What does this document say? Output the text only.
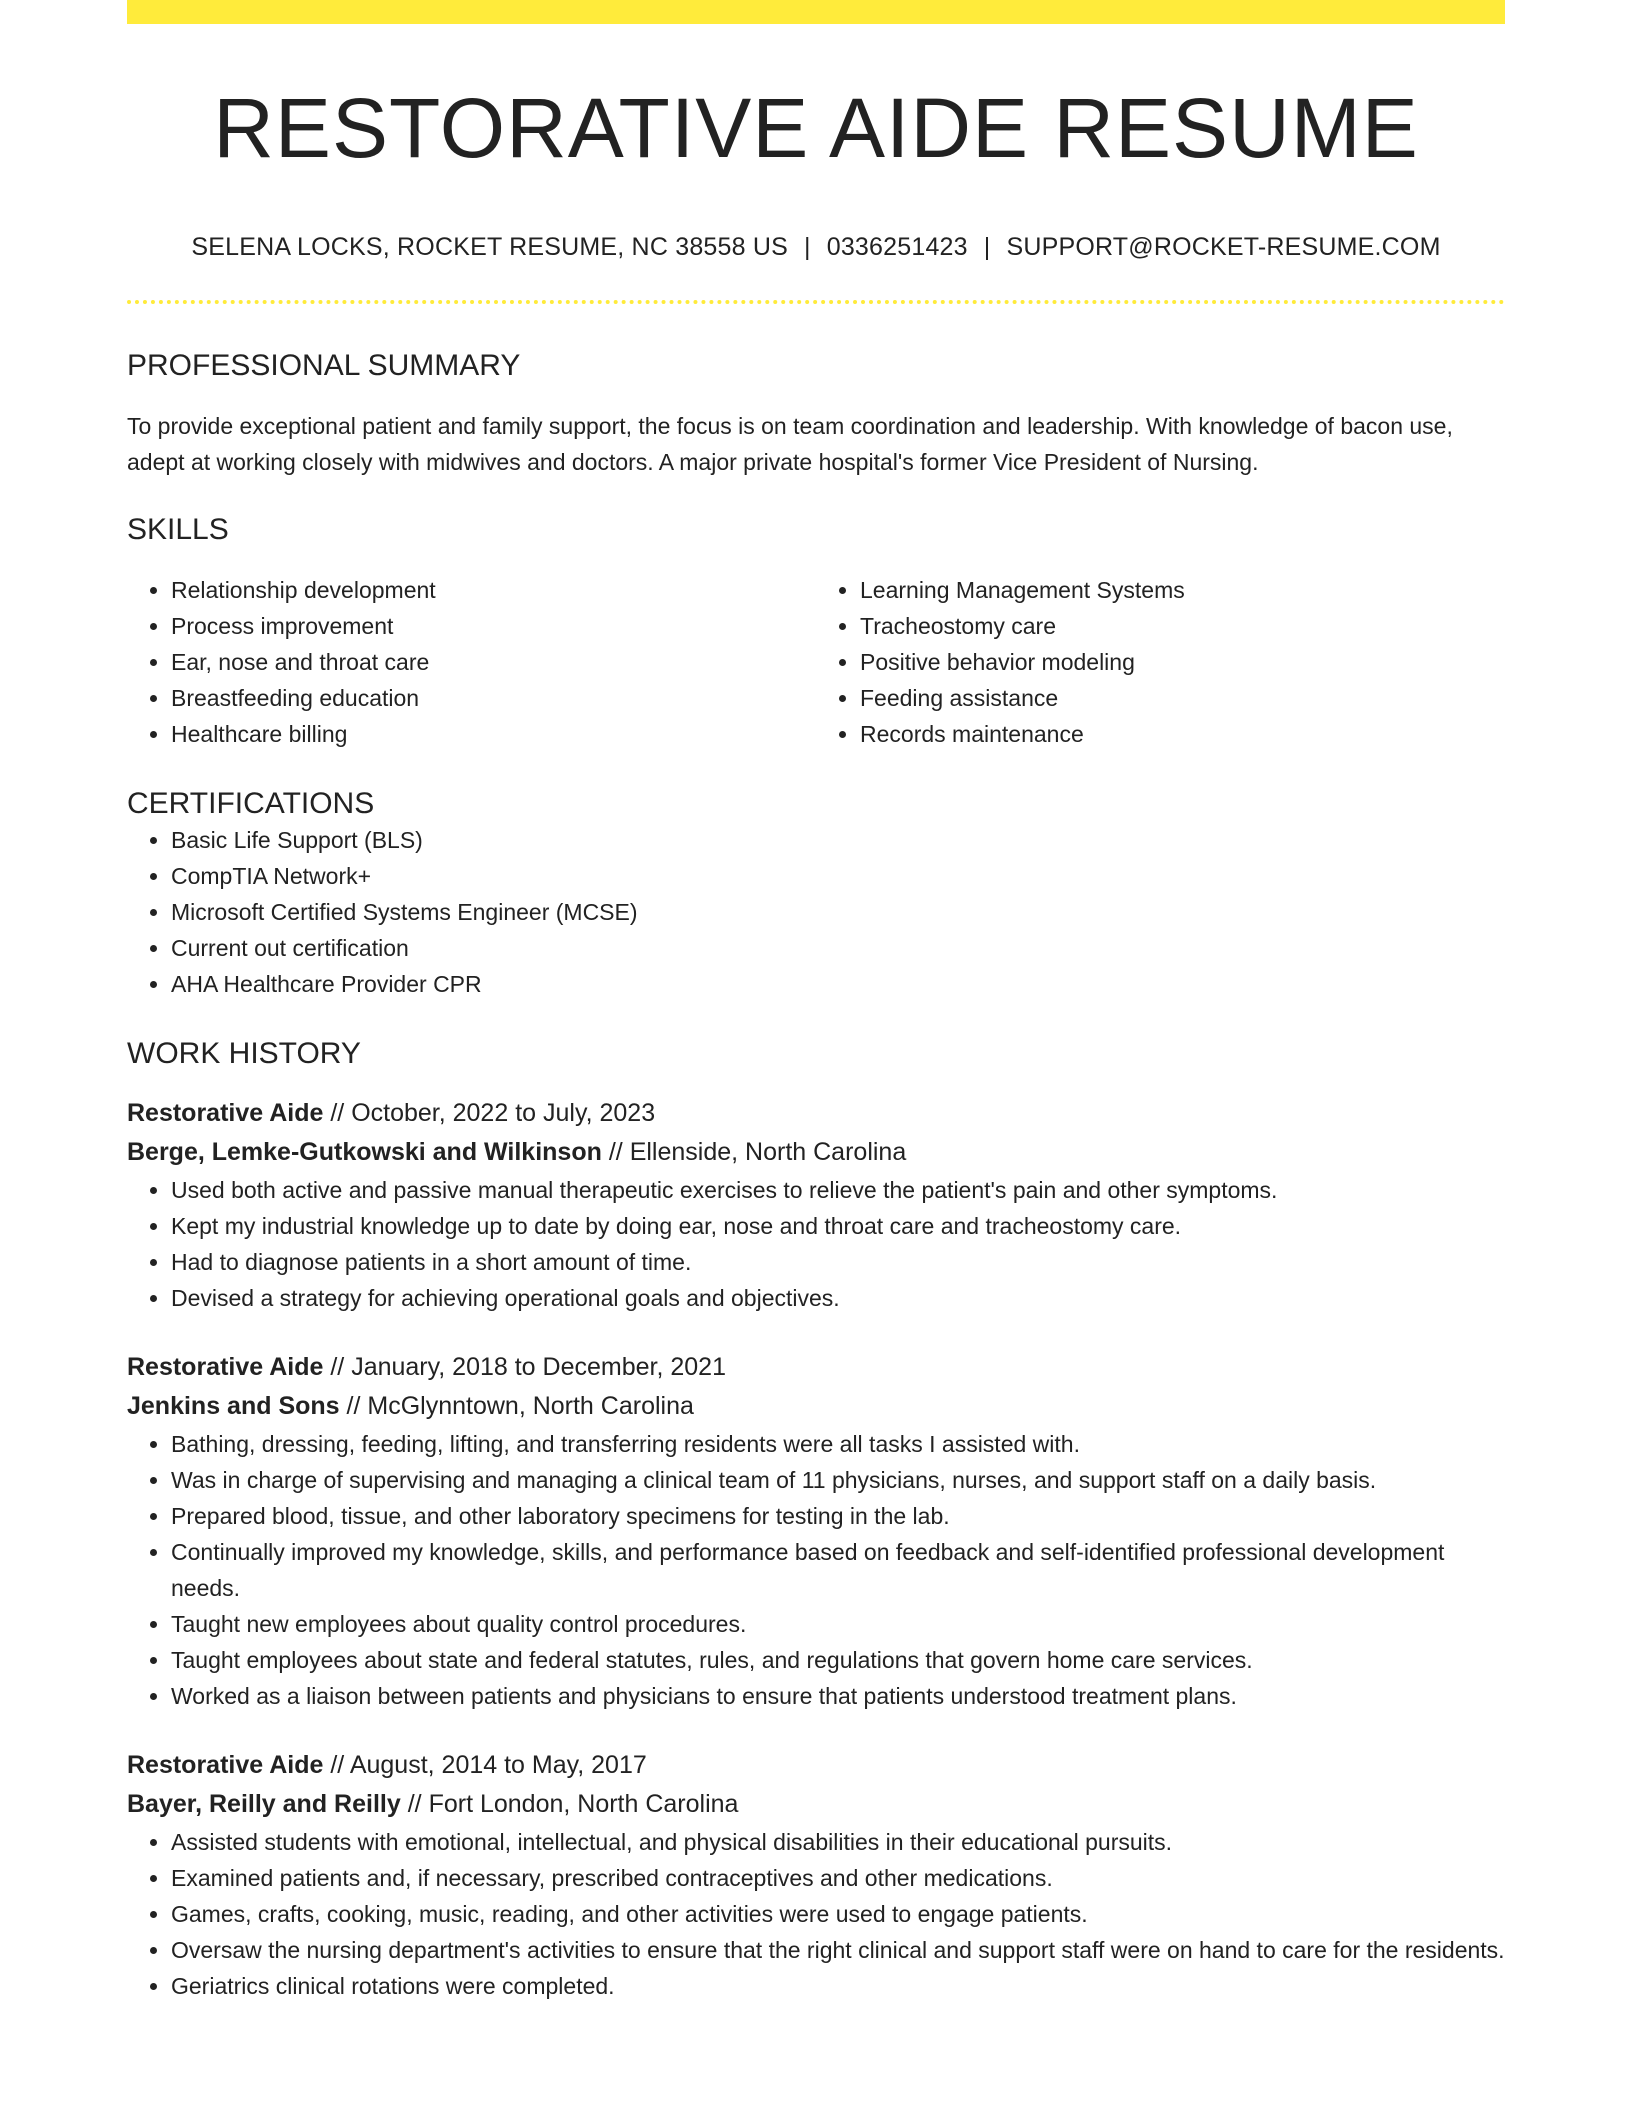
RESTORATIVE AIDE RESUME
SELENA LOCKS, ROCKET RESUME, NC 38558 US | 0336251423 | SUPPORT@ROCKET-RESUME.COM
PROFESSIONAL SUMMARY

To provide exceptional patient and family support, the focus is on team coordination and leadership. With knowledge of bacon use, adept at working closely with midwives and doctors. A major private hospital's former Vice President of Nursing.

SKILLS
• Relationship development
• Process improvement
• Ear, nose and throat care
• Breastfeeding education
• Healthcare billing
• Learning Management Systems
• Tracheostomy care
• Positive behavior modeling
• Feeding assistance
• Records maintenance
CERTIFICATIONS
• Basic Life Support (BLS)
• CompTIA Network+
• Microsoft Certified Systems Engineer (MCSE)
• Current out certification
• AHA Healthcare Provider CPR
WORK HISTORY
Restorative Aide // October, 2022 to July, 2023
Berge, Lemke-Gutkowski and Wilkinson // Ellenside, North Carolina
• Used both active and passive manual therapeutic exercises to relieve the patient's pain and other symptoms.
• Kept my industrial knowledge up to date by doing ear, nose and throat care and tracheostomy care.
• Had to diagnose patients in a short amount of time.
• Devised a strategy for achieving operational goals and objectives.
Restorative Aide // January, 2018 to December, 2021
Jenkins and Sons // McGlynntown, North Carolina
• Bathing, dressing, feeding, lifting, and transferring residents were all tasks I assisted with.
• Was in charge of supervising and managing a clinical team of 11 physicians, nurses, and support staff on a daily basis.
• Prepared blood, tissue, and other laboratory specimens for testing in the lab.
• Continually improved my knowledge, skills, and performance based on feedback and self-identified professional development needs.
• Taught new employees about quality control procedures.
• Taught employees about state and federal statutes, rules, and regulations that govern home care services.
• Worked as a liaison between patients and physicians to ensure that patients understood treatment plans.
Restorative Aide // August, 2014 to May, 2017
Bayer, Reilly and Reilly // Fort London, North Carolina
• Assisted students with emotional, intellectual, and physical disabilities in their educational pursuits.
• Examined patients and, if necessary, prescribed contraceptives and other medications.
• Games, crafts, cooking, music, reading, and other activities were used to engage patients.
• Oversaw the nursing department's activities to ensure that the right clinical and support staff were on hand to care for the residents.
• Geriatrics clinical rotations were completed.
